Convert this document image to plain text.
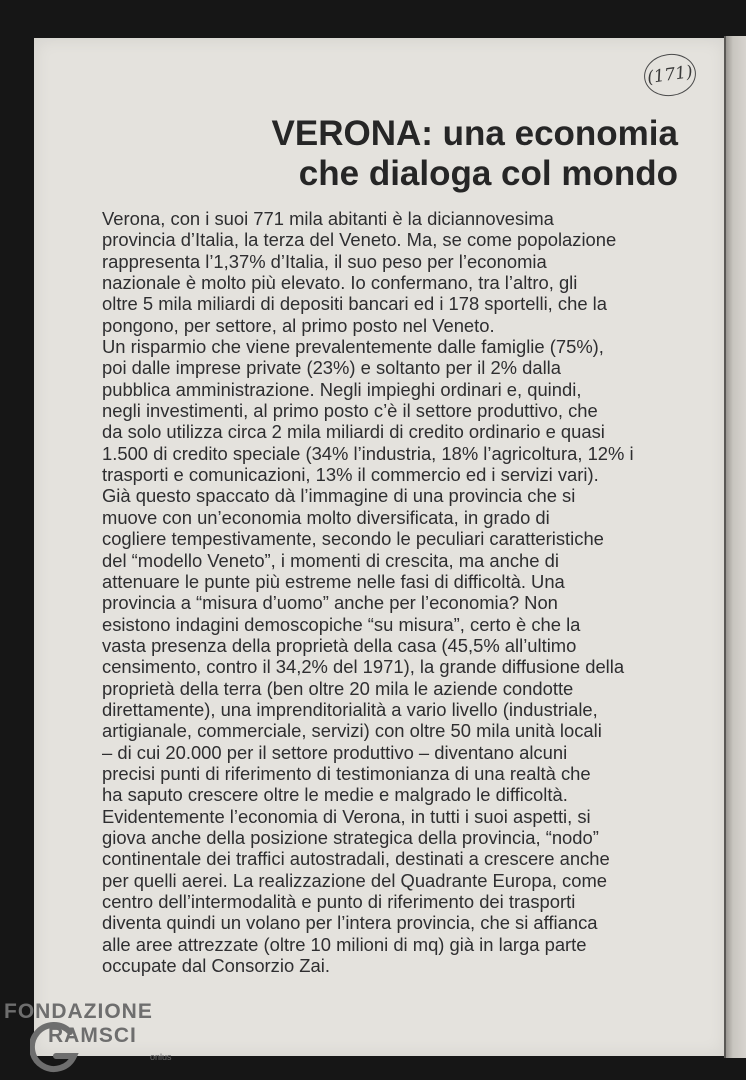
(171)
VERONA: una economia
che dialoga col mondo
Verona, con i suoi 771 mila abitanti è la diciannovesima
provincia d’Italia, la terza del Veneto. Ma, se come popolazione
rappresenta l’1,37% d’Italia, il suo peso per l’economia
nazionale è molto più elevato. Io confermano, tra l’altro, gli
oltre 5 mila miliardi di depositi bancari ed i 178 sportelli, che la
pongono, per settore, al primo posto nel Veneto.
Un risparmio che viene prevalentemente dalle famiglie (75%),
poi dalle imprese private (23%) e soltanto per il 2% dalla
pubblica amministrazione. Negli impieghi ordinari e, quindi,
negli investimenti, al primo posto c’è il settore produttivo, che
da solo utilizza circa 2 mila miliardi di credito ordinario e quasi
1.500 di credito speciale (34% l’industria, 18% l’agricoltura, 12% i
trasporti e comunicazioni, 13% il commercio ed i servizi vari).
Già questo spaccato dà l’immagine di una provincia che si
muove con un’economia molto diversificata, in grado di
cogliere tempestivamente, secondo le peculiari caratteristiche
del “modello Veneto”, i momenti di crescita, ma anche di
attenuare le punte più estreme nelle fasi di difficoltà. Una
provincia a “misura d’uomo” anche per l’economia? Non
esistono indagini demoscopiche “su misura”, certo è che la
vasta presenza della proprietà della casa (45,5% all’ultimo
censimento, contro il 34,2% del 1971), la grande diffusione della
proprietà della terra (ben oltre 20 mila le aziende condotte
direttamente), una imprenditorialità a vario livello (industriale,
artigianale, commerciale, servizi) con oltre 50 mila unità locali
– di cui 20.000 per il settore produttivo – diventano alcuni
precisi punti di riferimento di testimonianza di una realtà che
ha saputo crescere oltre le medie e malgrado le difficoltà.
Evidentemente l’economia di Verona, in tutti i suoi aspetti, si
giova anche della posizione strategica della provincia, “nodo”
continentale dei traffici autostradali, destinati a crescere anche
per quelli aerei. La realizzazione del Quadrante Europa, come
centro dell’intermodalità e punto di riferimento dei trasporti
diventa quindi un volano per l’intera provincia, che si affianca
alle aree attrezzate (oltre 10 milioni di mq) già in larga parte
occupate dal Consorzio Zai.
FONDAZIONE
RAMSCI
onlus
